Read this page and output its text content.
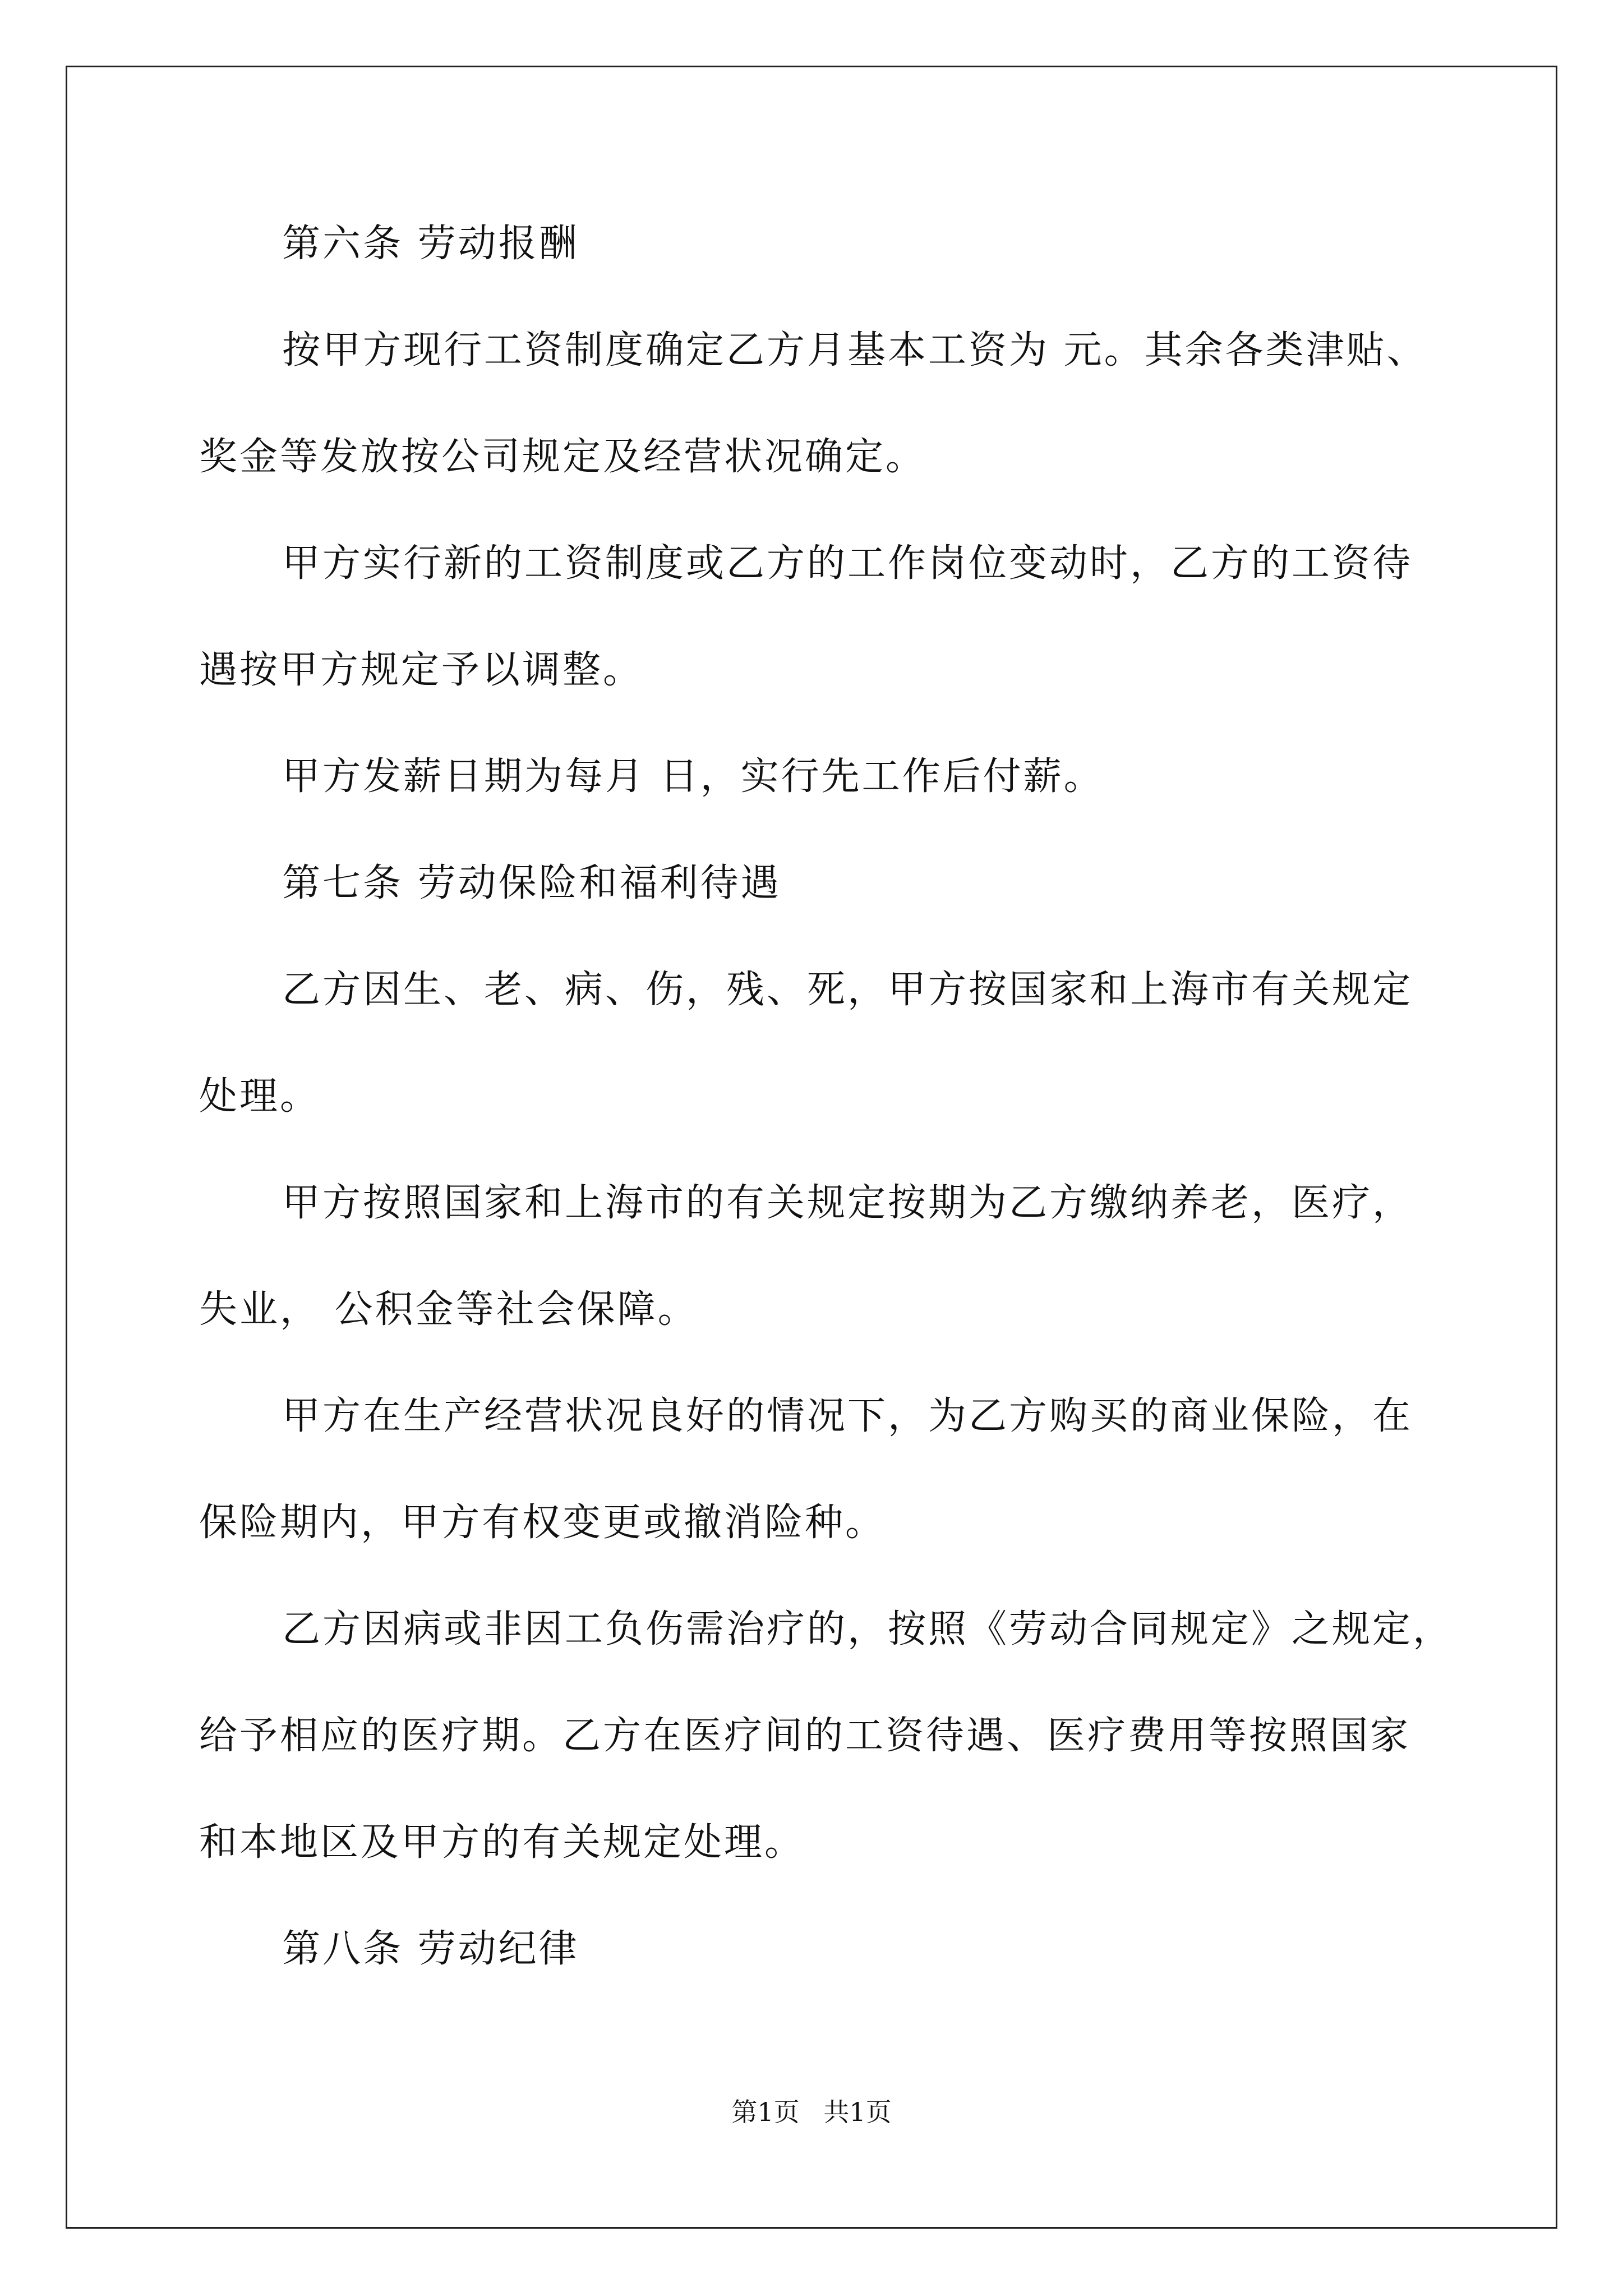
第六条 劳动报酬
按甲方现行工资制度确定乙方月基本工资为 元。其余各类津贴、
奖金等发放按公司规定及经营状况确定。
甲方实行新的工资制度或乙方的工作岗位变动时，乙方的工资待
遇按甲方规定予以调整。
甲方发薪日期为每月 日，实行先工作后付薪。
第七条 劳动保险和福利待遇
乙方因生、老、病、伤，残、死，甲方按国家和上海市有关规定
处理。
甲方按照国家和上海市的有关规定按期为乙方缴纳养老，医疗，
失业， 公积金等社会保障。
甲方在生产经营状况良好的情况下，为乙方购买的商业保险，在
保险期内，甲方有权变更或撤消险种。
乙方因病或非因工负伤需治疗的，按照《劳动合同规定》之规定，
给予相应的医疗期。乙方在医疗间的工资待遇、医疗费用等按照国家
和本地区及甲方的有关规定处理。
第八条 劳动纪律
第1页 共1页
